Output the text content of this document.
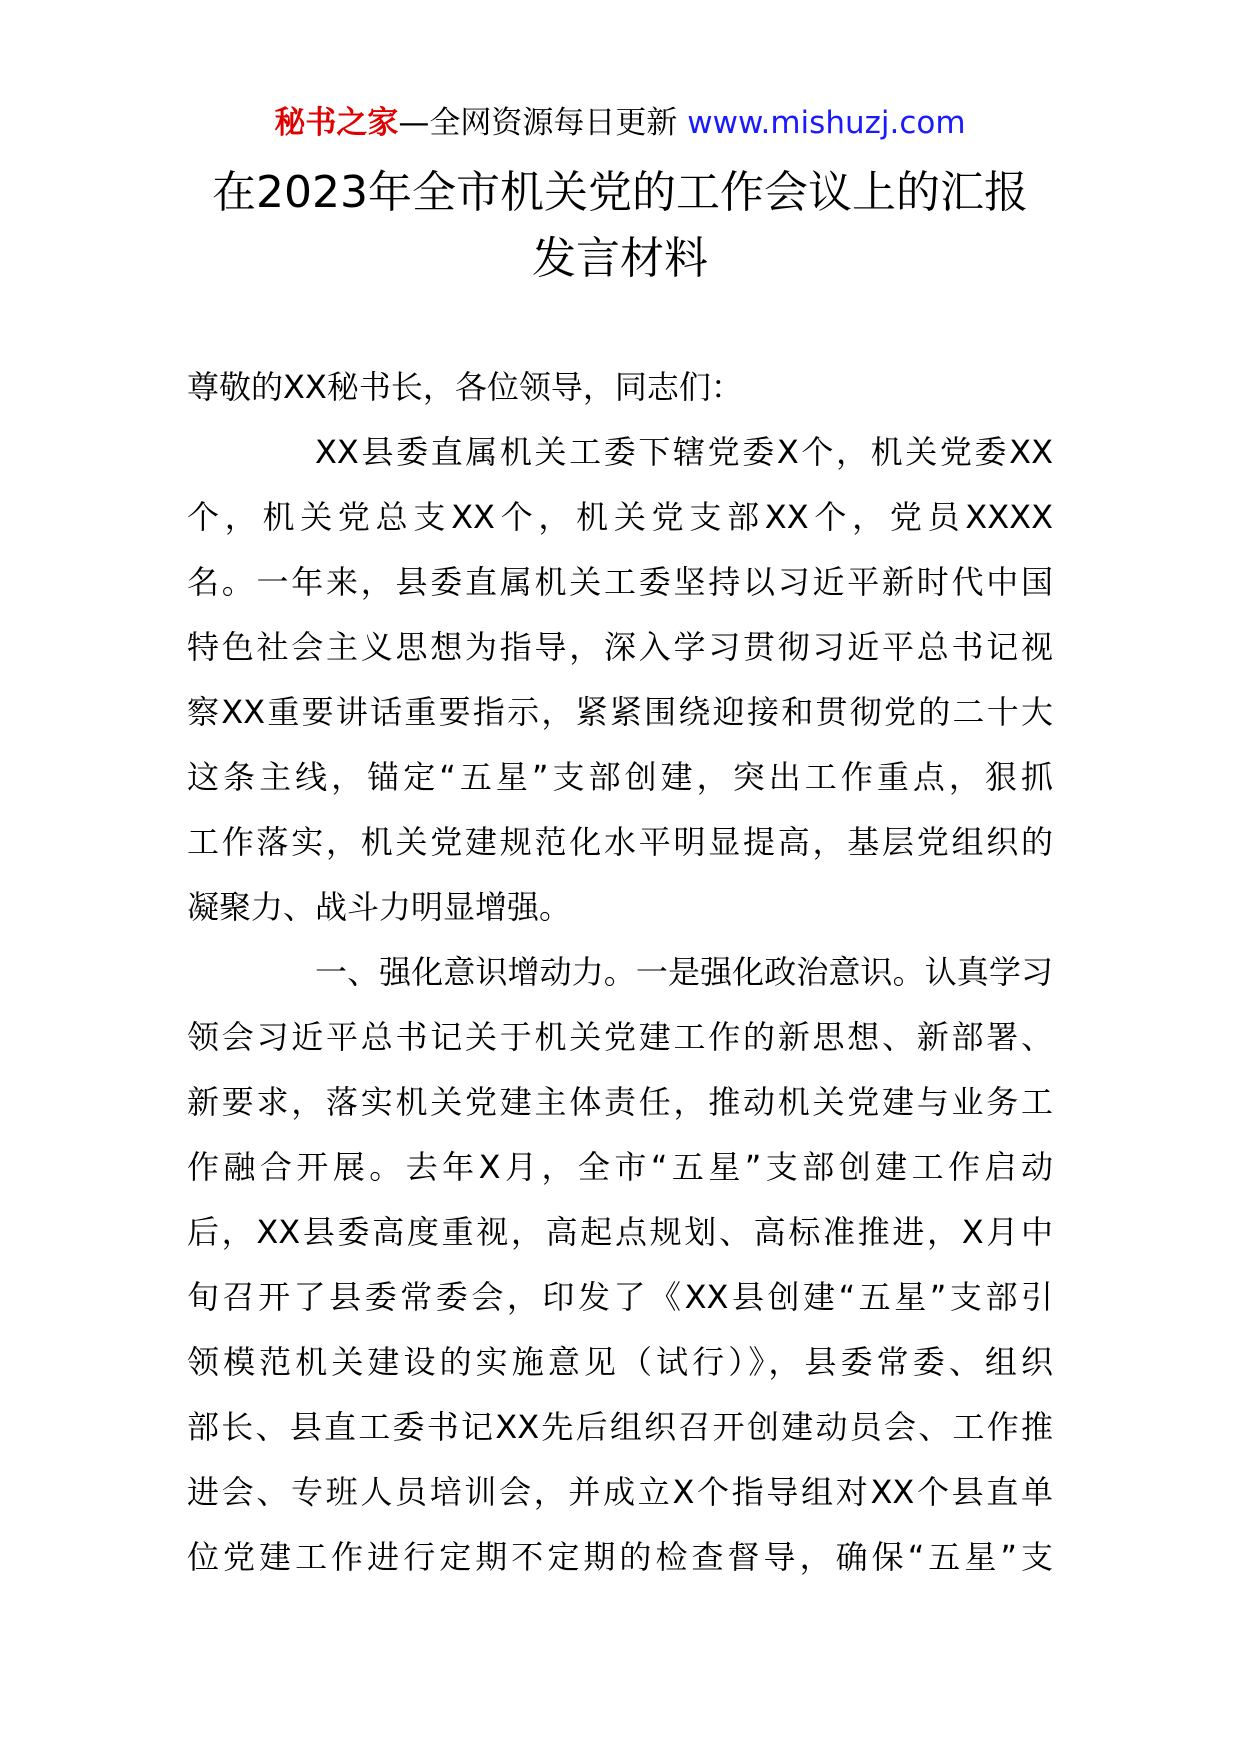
秘书之家—全网资源每日更新 www.mishuzj.com
在2023年全市机关党的工作会议上的汇报
发言材料
尊敬的XX秘书长，各位领导，同志们：
XX县委直属机关工委下辖党委X个，机关党委XX
个，机关党总支XX个，机关党支部XX个，党员XXXX
名。一年来，县委直属机关工委坚持以习近平新时代中国
特色社会主义思想为指导，深入学习贯彻习近平总书记视
察XX重要讲话重要指示，紧紧围绕迎接和贯彻党的二十大
这条主线，锚定“五星”支部创建，突出工作重点，狠抓
工作落实，机关党建规范化水平明显提高，基层党组织的
凝聚力、战斗力明显增强。
一、强化意识增动力。一是强化政治意识。认真学习
领会习近平总书记关于机关党建工作的新思想、新部署、
新要求，落实机关党建主体责任，推动机关党建与业务工
作融合开展。去年X月，全市“五星”支部创建工作启动
后，XX县委高度重视，高起点规划、高标准推进，X月中
旬召开了县委常委会，印发了《XX县创建“五星”支部引
领模范机关建设的实施意见（试行）》，县委常委、组织
部长、县直工委书记XX先后组织召开创建动员会、工作推
进会、专班人员培训会，并成立X个指导组对XX个县直单
位党建工作进行定期不定期的检查督导，确保“五星”支
